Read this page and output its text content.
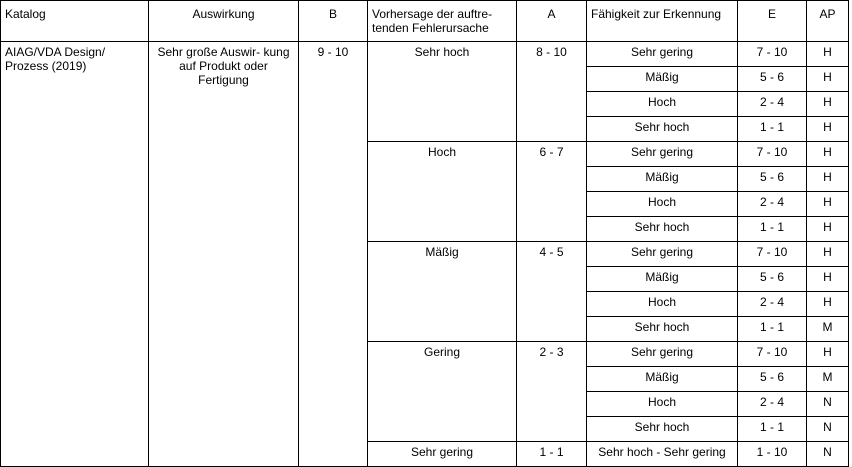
Katalog	Auswirkung	B	Vorhersage der auftre- tenden Fehlerursache	A	Fähigkeit zur Erkennung	E	AP
AIAG/VDA Design/ Prozess (2019)	Sehr große Auswir- kung auf Produkt oder Fertigung	9 - 10	Sehr hoch	8 - 10	Sehr gering	7 - 10	H
					Mäßig	5 - 6	H
					Hoch	2 - 4	H
					Sehr hoch	1 - 1	H
			Hoch	6 - 7	Sehr gering	7 - 10	H
					Mäßig	5 - 6	H
					Hoch	2 - 4	H
					Sehr hoch	1 - 1	H
			Mäßig	4 - 5	Sehr gering	7 - 10	H
					Mäßig	5 - 6	H
					Hoch	2 - 4	H
					Sehr hoch	1 - 1	M
			Gering	2 - 3	Sehr gering	7 - 10	H
					Mäßig	5 - 6	M
					Hoch	2 - 4	N
					Sehr hoch	1 - 1	N
			Sehr gering	1 - 1	Sehr hoch - Sehr gering	1 - 10	N
